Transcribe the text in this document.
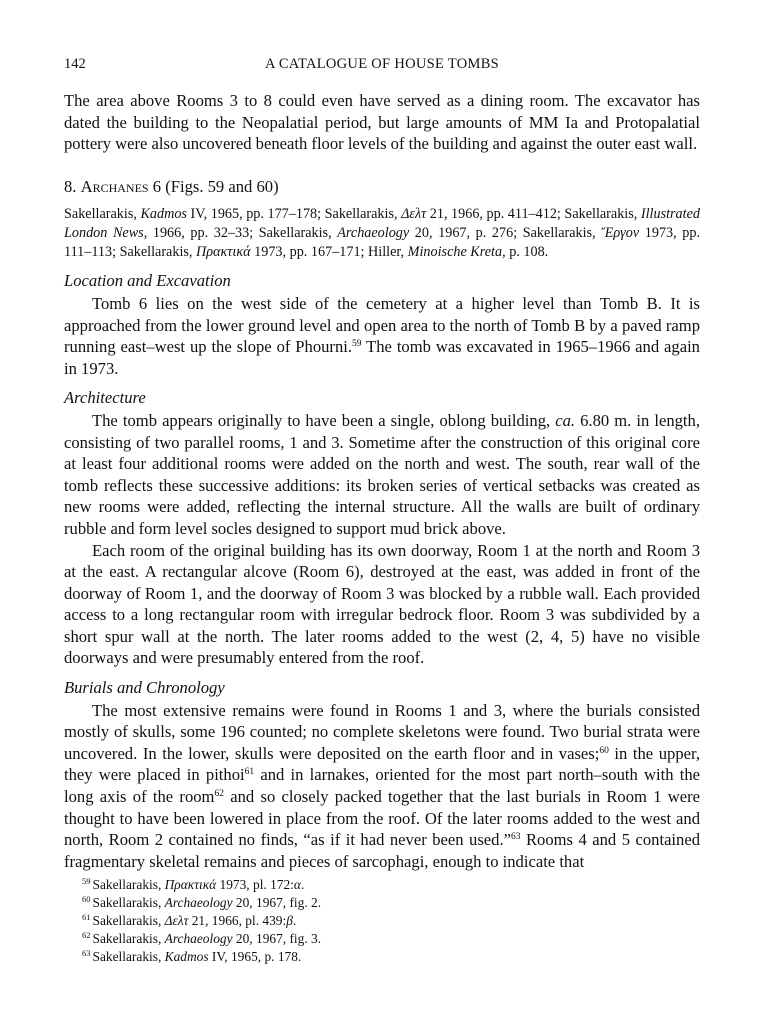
142	A CATALOGUE OF HOUSE TOMBS

The area above Rooms 3 to 8 could even have served as a dining room. The excavator has dated the building to the Neopalatial period, but large amounts of MM Ia and Protopalatial pottery were also uncovered beneath floor levels of the building and against the outer east wall.

8. Archanes 6 (Figs. 59 and 60)

Sakellarakis, Kadmos IV, 1965, pp. 177–178; Sakellarakis, Δελτ 21, 1966, pp. 411–412; Sakellarakis, Illustrated London News, 1966, pp. 32–33; Sakellarakis, Archaeology 20, 1967, p. 276; Sakellarakis, Ἔργον 1973, pp. 111–113; Sakellarakis, Πρακτικά 1973, pp. 167–171; Hiller, Minoische Kreta, p. 108.

Location and Excavation

Tomb 6 lies on the west side of the cemetery at a higher level than Tomb B. It is approached from the lower ground level and open area to the north of Tomb B by a paved ramp running east–west up the slope of Phourni.$^{59}$ The tomb was excavated in 1965–1966 and again in 1973.

Architecture

The tomb appears originally to have been a single, oblong building, ca. 6.80 m. in length, consisting of two parallel rooms, 1 and 3. Sometime after the construction of this original core at least four additional rooms were added on the north and west. The south, rear wall of the tomb reflects these successive additions: its broken series of vertical setbacks was created as new rooms were added, reflecting the internal structure. All the walls are built of ordinary rubble and form level socles designed to support mud brick above.

Each room of the original building has its own doorway, Room 1 at the north and Room 3 at the east. A rectangular alcove (Room 6), destroyed at the east, was added in front of the doorway of Room 1, and the doorway of Room 3 was blocked by a rubble wall. Each provided access to a long rectangular room with irregular bedrock floor. Room 3 was subdivided by a short spur wall at the north. The later rooms added to the west (2, 4, 5) have no visible doorways and were presumably entered from the roof.

Burials and Chronology

The most extensive remains were found in Rooms 1 and 3, where the burials consisted mostly of skulls, some 196 counted; no complete skeletons were found. Two burial strata were uncovered. In the lower, skulls were deposited on the earth floor and in vases;$^{60}$ in the upper, they were placed in pithoi$^{61}$ and in larnakes, oriented for the most part north–south with the long axis of the room$^{62}$ and so closely packed together that the last burials in Room 1 were thought to have been lowered in place from the roof. Of the later rooms added to the west and north, Room 2 contained no finds, “as if it had never been used.”$^{63}$ Rooms 4 and 5 contained fragmentary skeletal remains and pieces of sarcophagi, enough to indicate that

$^{59}$ Sakellarakis, Πρακτικά 1973, pl. 172:α.
$^{60}$ Sakellarakis, Archaeology 20, 1967, fig. 2.
$^{61}$ Sakellarakis, Δελτ 21, 1966, pl. 439:β.
$^{62}$ Sakellarakis, Archaeology 20, 1967, fig. 3.
$^{63}$ Sakellarakis, Kadmos IV, 1965, p. 178.
